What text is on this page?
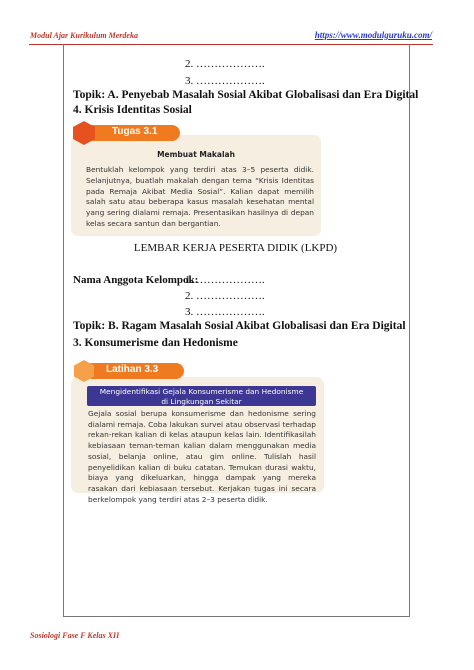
Modul Ajar Kurikulum Merdeka	https://www.modulguruku.com/
2. ……………….
3. ……………….
Topik: A. Penyebab Masalah Sosial Akibat Globalisasi dan Era Digital
4. Krisis Identitas Sosial
Tugas 3.1
Membuat Makalah
Bentuklah kelompok yang terdiri atas 3–5 peserta didik. Selanjutnya, buatlah makalah dengan tema “Krisis Identitas pada Remaja Akibat Media Sosial”. Kalian dapat memilih salah satu atau beberapa kasus masalah kesehatan mental yang sering dialami remaja. Presentasikan hasilnya di depan kelas secara santun dan bergantian.
LEMBAR KERJA PESERTA DIDIK (LKPD)
Nama Anggota Kelompok:
1. ……………….
2. ……………….
3. ……………….
Topik: B. Ragam Masalah Sosial Akibat Globalisasi dan Era Digital
3. Konsumerisme dan Hedonisme
Latihan 3.3
Mengidentifikasi Gejala Konsumerisme dan Hedonisme
di Lingkungan Sekitar
Gejala sosial berupa konsumerisme dan hedonisme sering dialami remaja. Coba lakukan survei atau observasi terhadap rekan-rekan kalian di kelas ataupun kelas lain. Identifikasilah kebiasaan teman-teman kalian dalam menggunakan media sosial, belanja online, atau gim online. Tulislah hasil penyelidikan kalian di buku catatan. Temukan durasi waktu, biaya yang dikeluarkan, hingga dampak yang mereka rasakan dari kebiasaan tersebut. Kerjakan tugas ini secara berkelompok yang terdiri atas 2–3 peserta didik.
Sosiologi Fase F Kelas XII
